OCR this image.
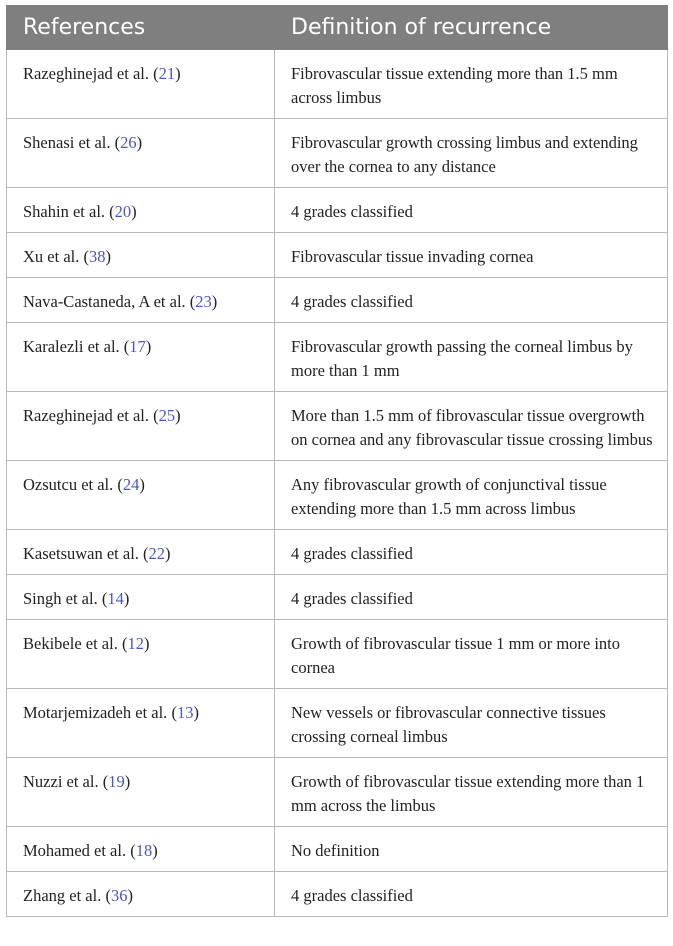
References	Definition of recurrence
Razeghinejad et al. (21)	Fibrovascular tissue extending more than 1.5 mm across limbus
Shenasi et al. (26)	Fibrovascular growth crossing limbus and extending over the cornea to any distance
Shahin et al. (20)	4 grades classified
Xu et al. (38)	Fibrovascular tissue invading cornea
Nava-Castaneda, A et al. (23)	4 grades classified
Karalezli et al. (17)	Fibrovascular growth passing the corneal limbus by more than 1 mm
Razeghinejad et al. (25)	More than 1.5 mm of fibrovascular tissue overgrowth on cornea and any fibrovascular tissue crossing limbus
Ozsutcu et al. (24)	Any fibrovascular growth of conjunctival tissue extending more than 1.5 mm across limbus
Kasetsuwan et al. (22)	4 grades classified
Singh et al. (14)	4 grades classified
Bekibele et al. (12)	Growth of fibrovascular tissue 1 mm or more into cornea
Motarjemizadeh et al. (13)	New vessels or fibrovascular connective tissues crossing corneal limbus
Nuzzi et al. (19)	Growth of fibrovascular tissue extending more than 1 mm across the limbus
Mohamed et al. (18)	No definition
Zhang et al. (36)	4 grades classified
